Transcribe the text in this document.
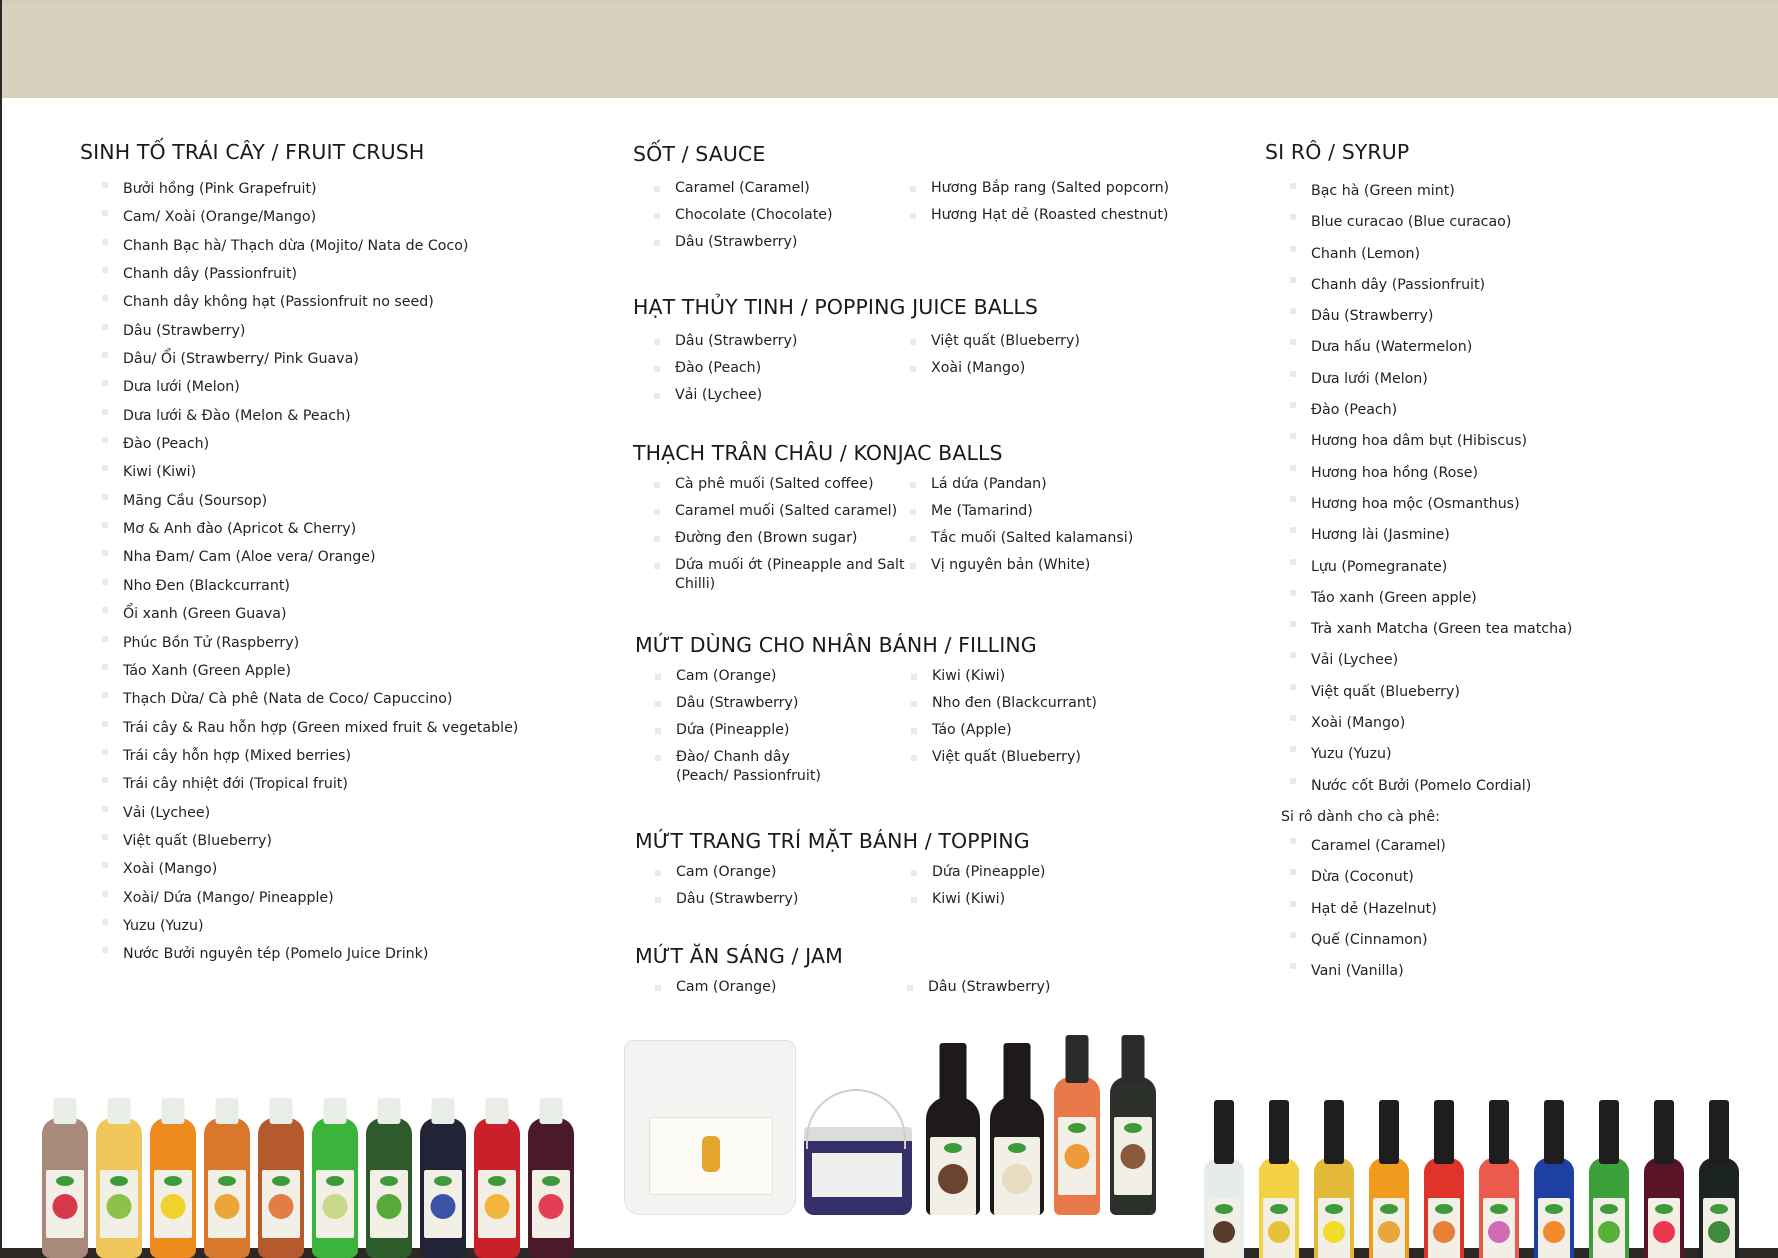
SINH TỐ TRÁI CÂY / FRUIT CRUSH
Bưởi hồng (Pink Grapefruit)
Cam/ Xoài (Orange/Mango)
Chanh Bạc hà/ Thạch dừa (Mojito/ Nata de Coco)
Chanh dây (Passionfruit)
Chanh dây không hạt (Passionfruit no seed)
Dâu (Strawberry)
Dâu/ Ổi (Strawberry/ Pink Guava)
Dưa lưới (Melon)
Dưa lưới & Đào (Melon & Peach)
Đào (Peach)
Kiwi (Kiwi)
Mãng Cầu (Soursop)
Mơ & Anh đào (Apricot & Cherry)
Nha Đam/ Cam (Aloe vera/ Orange)
Nho Đen (Blackcurrant)
Ổi xanh (Green Guava)
Phúc Bồn Tử (Raspberry)
Táo Xanh (Green Apple)
Thạch Dừa/ Cà phê (Nata de Coco/ Capuccino)
Trái cây & Rau hỗn hợp (Green mixed fruit & vegetable)
Trái cây hỗn hợp (Mixed berries)
Trái cây nhiệt đới (Tropical fruit)
Vải (Lychee)
Việt quất (Blueberry)
Xoài (Mango)
Xoài/ Dứa (Mango/ Pineapple)
Yuzu (Yuzu)
Nước Bưởi nguyên tép (Pomelo Juice Drink)
SỐT / SAUCE
Caramel (Caramel)
Chocolate (Chocolate)
Dâu (Strawberry)
Hương Bắp rang (Salted popcorn)
Hương Hạt dẻ (Roasted chestnut)
HẠT THỦY TINH / POPPING JUICE BALLS
Dâu (Strawberry)
Đào (Peach)
Vải (Lychee)
Việt quất (Blueberry)
Xoài (Mango)
THẠCH TRÂN CHÂU / KONJAC BALLS
Cà phê muối (Salted coffee)
Caramel muối (Salted caramel)
Đường đen (Brown sugar)
Dứa muối ớt (Pineapple and Salt Chilli)
Lá dứa (Pandan)
Me (Tamarind)
Tắc muối (Salted kalamansi)
Vị nguyên bản (White)
MỨT DÙNG CHO NHÂN BÁNH / FILLING
Cam (Orange)
Dâu (Strawberry)
Dứa (Pineapple)
Đào/ Chanh dây (Peach/ Passionfruit)
Kiwi (Kiwi)
Nho đen (Blackcurrant)
Táo (Apple)
Việt quất (Blueberry)
MỨT TRANG TRÍ MẶT BÁNH / TOPPING
Cam (Orange)
Dâu (Strawberry)
Dứa (Pineapple)
Kiwi (Kiwi)
MỨT ĂN SÁNG / JAM
Cam (Orange)	Dâu (Strawberry)
SI RÔ / SYRUP
Bạc hà (Green mint)
Blue curacao (Blue curacao)
Chanh (Lemon)
Chanh dây (Passionfruit)
Dâu (Strawberry)
Dưa hấu (Watermelon)
Dưa lưới (Melon)
Đào (Peach)
Hương hoa dâm bụt (Hibiscus)
Hương hoa hồng (Rose)
Hương hoa mộc (Osmanthus)
Hương lài (Jasmine)
Lựu (Pomegranate)
Táo xanh (Green apple)
Trà xanh Matcha (Green tea matcha)
Vải (Lychee)
Việt quất (Blueberry)
Xoài (Mango)
Yuzu (Yuzu)
Nước cốt Bưởi (Pomelo Cordial)
Si rô dành cho cà phê:
Caramel (Caramel)
Dừa (Coconut)
Hạt dẻ (Hazelnut)
Quế (Cinnamon)
Vani (Vanilla)
